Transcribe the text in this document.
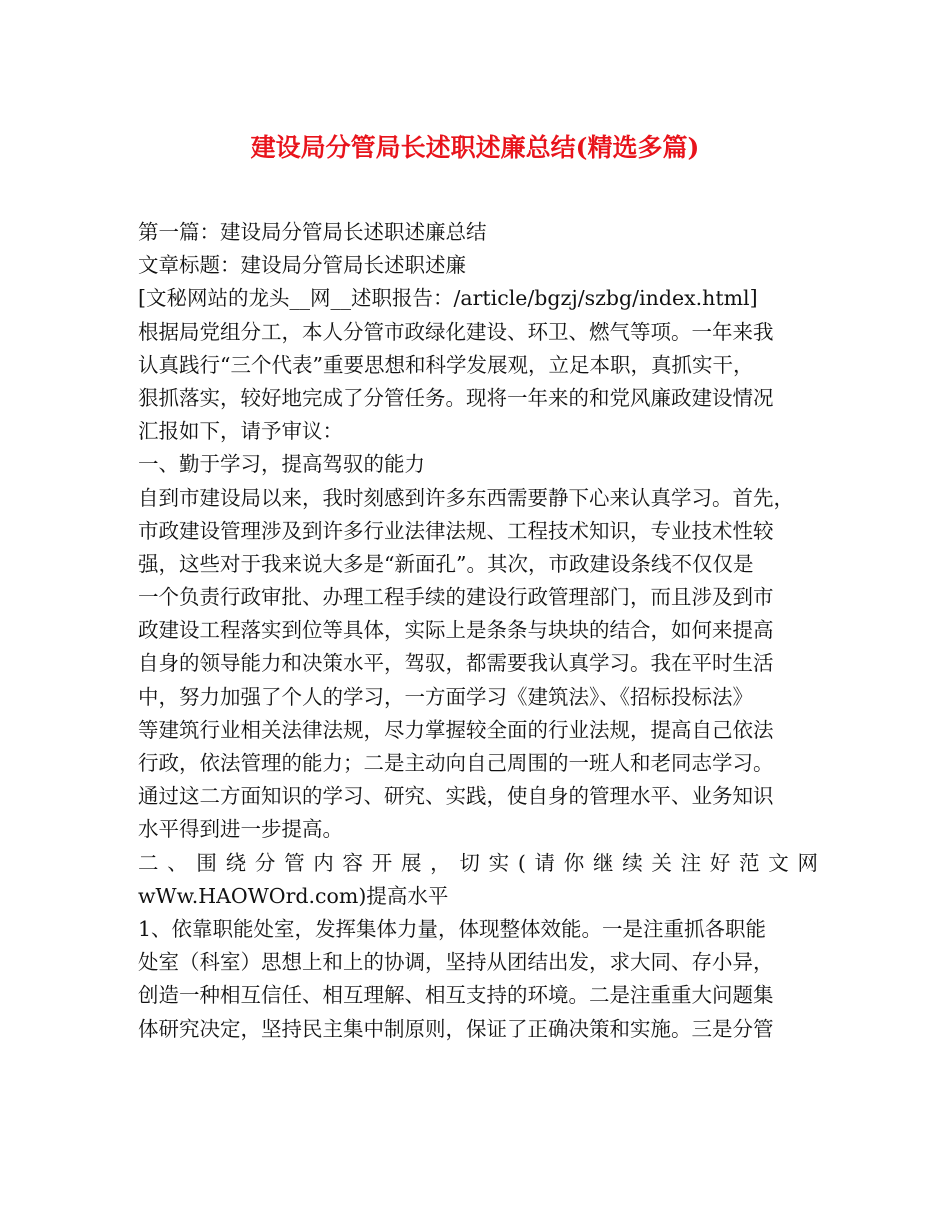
建设局分管局长述职述廉总结(精选多篇)
第一篇：建设局分管局长述职述廉总结
文章标题：建设局分管局长述职述廉
[文秘网站的龙头__网__述职报告：/article/bgzj/szbg/index.html]
根据局党组分工，本人分管市政绿化建设、环卫、燃气等项。一年来我
认真践行“三个代表”重要思想和科学发展观，立足本职，真抓实干，
狠抓落实，较好地完成了分管任务。现将一年来的和党风廉政建设情况
汇报如下，请予审议：
一、勤于学习，提高驾驭的能力
自到市建设局以来，我时刻感到许多东西需要静下心来认真学习。首先，
市政建设管理涉及到许多行业法律法规、工程技术知识，专业技术性较
强，这些对于我来说大多是“新面孔”。其次，市政建设条线不仅仅是
一个负责行政审批、办理工程手续的建设行政管理部门，而且涉及到市
政建设工程落实到位等具体，实际上是条条与块块的结合，如何来提高
自身的领导能力和决策水平，驾驭，都需要我认真学习。我在平时生活
中，努力加强了个人的学习，一方面学习《建筑法》、《招标投标法》
等建筑行业相关法律法规，尽力掌握较全面的行业法规，提高自己依法
行政，依法管理的能力；二是主动向自己周围的一班人和老同志学习。
通过这二方面知识的学习、研究、实践，使自身的管理水平、业务知识
水平得到进一步提高。
二、围绕分管内容开展，切实(请你继续关注好范文网
wWw.HAOWOrd.com)提高水平
1、依靠职能处室，发挥集体力量，体现整体效能。一是注重抓各职能
处室（科室）思想上和上的协调，坚持从团结出发，求大同、存小异，
创造一种相互信任、相互理解、相互支持的环境。二是注重重大问题集
体研究决定，坚持民主集中制原则，保证了正确决策和实施。三是分管
